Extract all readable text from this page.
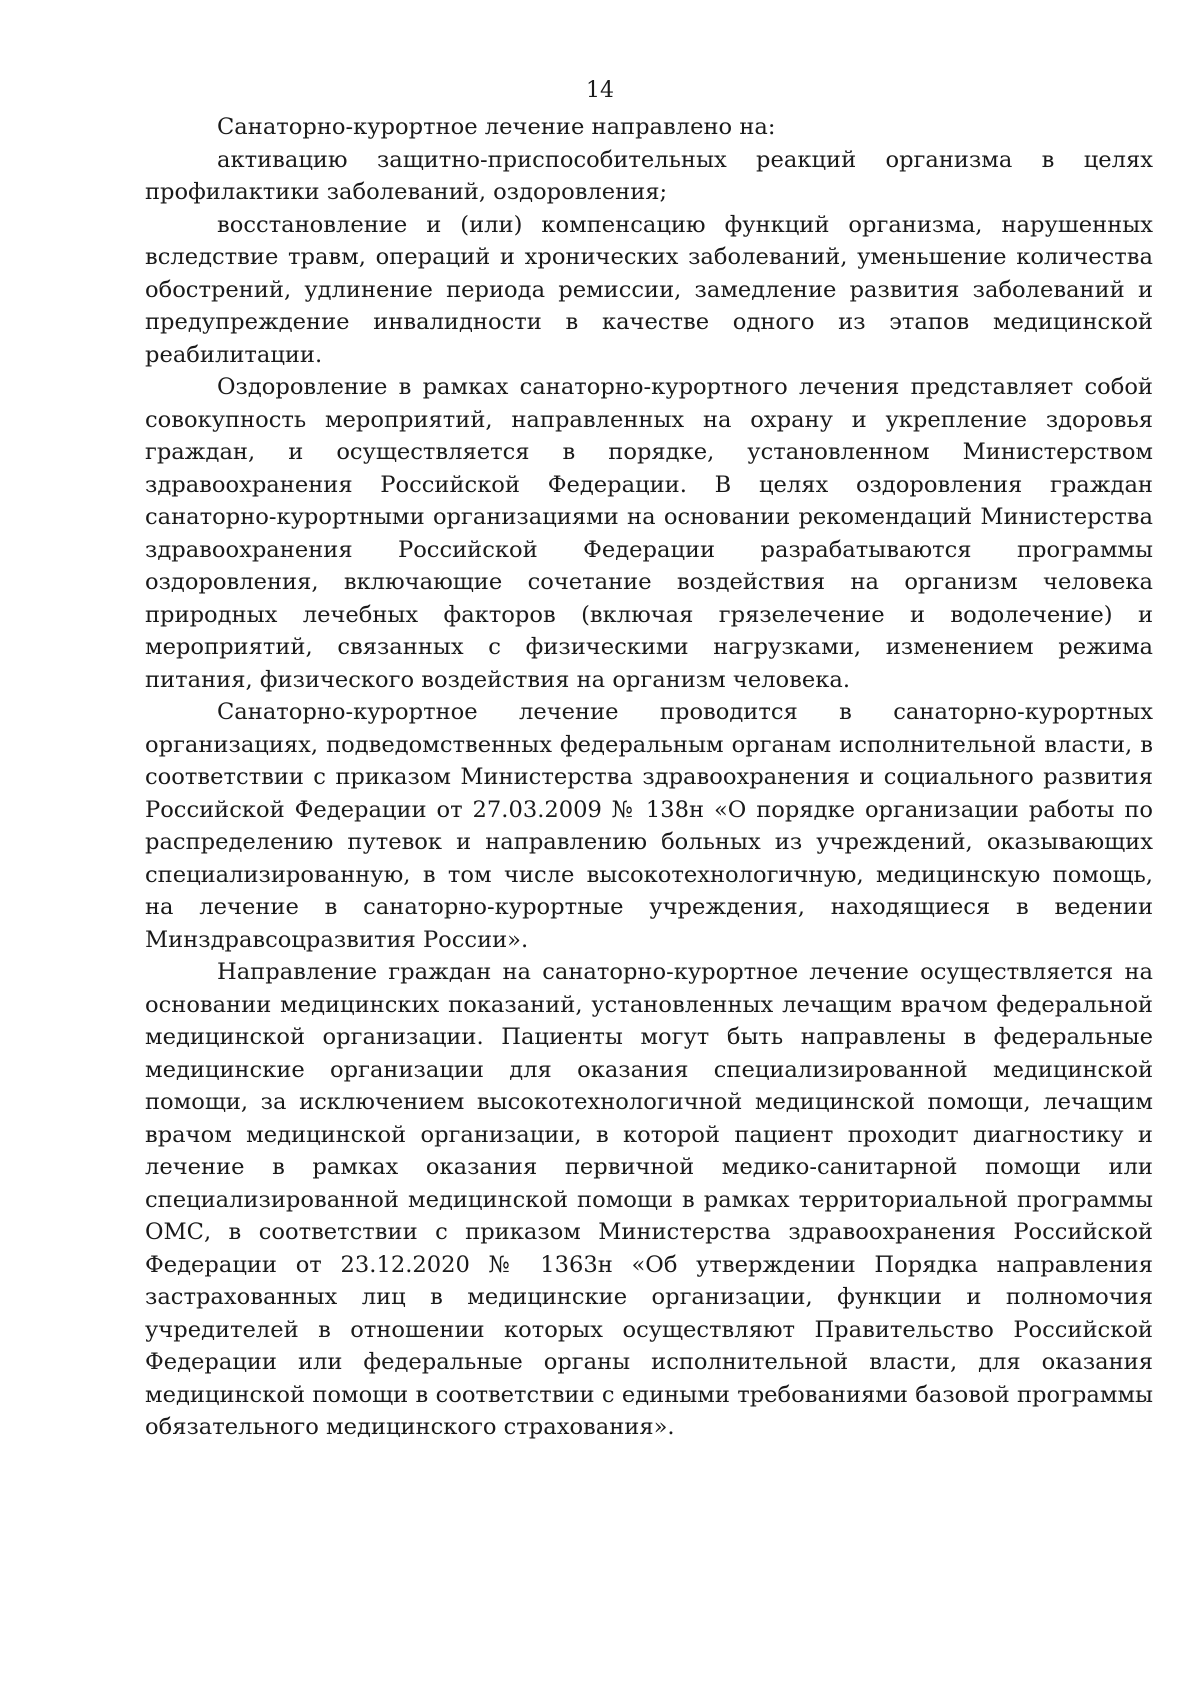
14

Санаторно-курортное лечение направлено на:

активацию защитно-приспособительных реакций организма в целях профилактики заболеваний, оздоровления;

восстановление и (или) компенсацию функций организма, нарушенных вследствие травм, операций и хронических заболеваний, уменьшение количества обострений, удлинение периода ремиссии, замедление развития заболеваний и предупреждение инвалидности в качестве одного из этапов медицинской реабилитации.

Оздоровление в рамках санаторно-курортного лечения представляет собой совокупность мероприятий, направленных на охрану и укрепление здоровья граждан, и осуществляется в порядке, установленном Министерством здравоохранения Российской Федерации. В целях оздоровления граждан санаторно-курортными организациями на основании рекомендаций Министерства здравоохранения Российской Федерации разрабатываются программы оздоровления, включающие сочетание воздействия на организм человека природных лечебных факторов (включая грязелечение и водолечение) и мероприятий, связанных с физическими нагрузками, изменением режима питания, физического воздействия на организм человека.

Санаторно-курортное лечение проводится в санаторно-курортных организациях, подведомственных федеральным органам исполнительной власти, в соответствии с приказом Министерства здравоохранения и социального развития Российской Федерации от 27.03.2009 № 138н «О порядке организации работы по распределению путевок и направлению больных из учреждений, оказывающих специализированную, в том числе высокотехнологичную, медицинскую помощь, на лечение в санаторно-курортные учреждения, находящиеся в ведении Минздравсоцразвития России».

Направление граждан на санаторно-курортное лечение осуществляется на основании медицинских показаний, установленных лечащим врачом федеральной медицинской организации. Пациенты могут быть направлены в федеральные медицинские организации для оказания специализированной медицинской помощи, за исключением высокотехнологичной медицинской помощи, лечащим врачом медицинской организации, в которой пациент проходит диагностику и лечение в рамках оказания первичной медико-санитарной помощи или специализированной медицинской помощи в рамках территориальной программы ОМС, в соответствии с приказом Министерства здравоохранения Российской Федерации от 23.12.2020 № 1363н «Об утверждении Порядка направления застрахованных лиц в медицинские организации, функции и полномочия учредителей в отношении которых осуществляют Правительство Российской Федерации или федеральные органы исполнительной власти, для оказания медицинской помощи в соответствии с едиными требованиями базовой программы обязательного медицинского страхования».
